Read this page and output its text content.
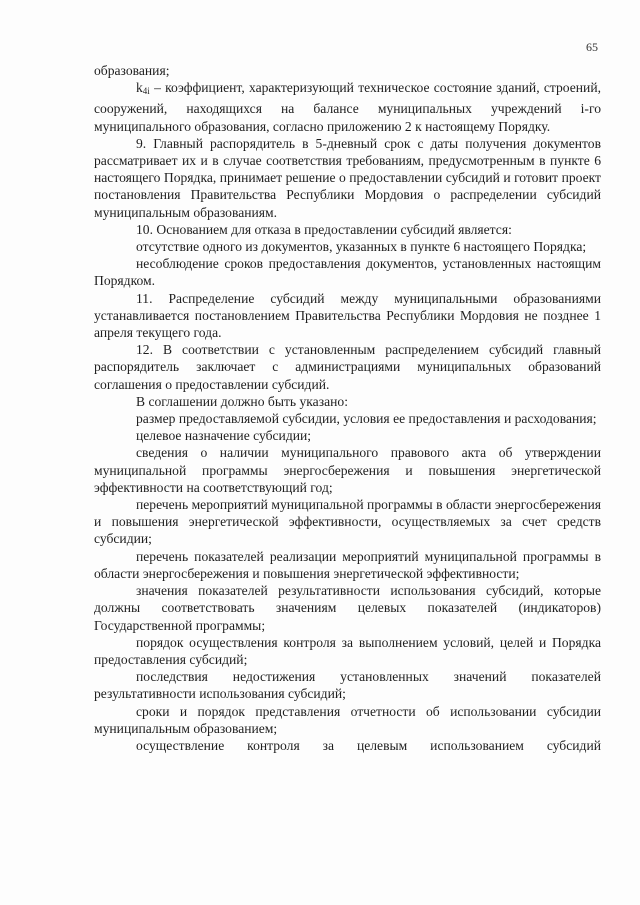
65

образования;

$k_{4i}$ – коэффициент, характеризующий техническое состояние зданий, строений, сооружений, находящихся на балансе муниципальных учреждений i-го муниципального образования, согласно приложению 2 к настоящему Порядку.

9. Главный распорядитель в 5-дневный срок с даты получения документов рассматривает их и в случае соответствия требованиям, предусмотренным в пункте 6 настоящего Порядка, принимает решение о предоставлении субсидий и готовит проект постановления Правительства Республики Мордовия о распределении субсидий муниципальным образованиям.

10. Основанием для отказа в предоставлении субсидий является:

отсутствие одного из документов, указанных в пункте 6 настоящего Порядка;

несоблюдение сроков предоставления документов, установленных настоящим Порядком.

11. Распределение субсидий между муниципальными образованиями устанавливается постановлением Правительства Республики Мордовия не позднее 1 апреля текущего года.

12. В соответствии с установленным распределением субсидий главный распорядитель заключает с администрациями муниципальных образований соглашения о предоставлении субсидий.

В соглашении должно быть указано:

размер предоставляемой субсидии, условия ее предоставления и расходования;

целевое назначение субсидии;

сведения о наличии муниципального правового акта об утверждении муниципальной программы энергосбережения и повышения энергетической эффективности на соответствующий год;

перечень мероприятий муниципальной программы в области энергосбережения и повышения энергетической эффективности, осуществляемых за счет средств субсидии;

перечень показателей реализации мероприятий муниципальной программы в области энергосбережения и повышения энергетической эффективности;

значения показателей результативности использования субсидий, которые должны соответствовать значениям целевых показателей (индикаторов) Государственной программы;

порядок осуществления контроля за выполнением условий, целей и Порядка предоставления субсидий;

последствия недостижения установленных значений показателей результативности использования субсидий;

сроки и порядок представления отчетности об использовании субсидии муниципальным образованием;

осуществление контроля за целевым использованием субсидий
